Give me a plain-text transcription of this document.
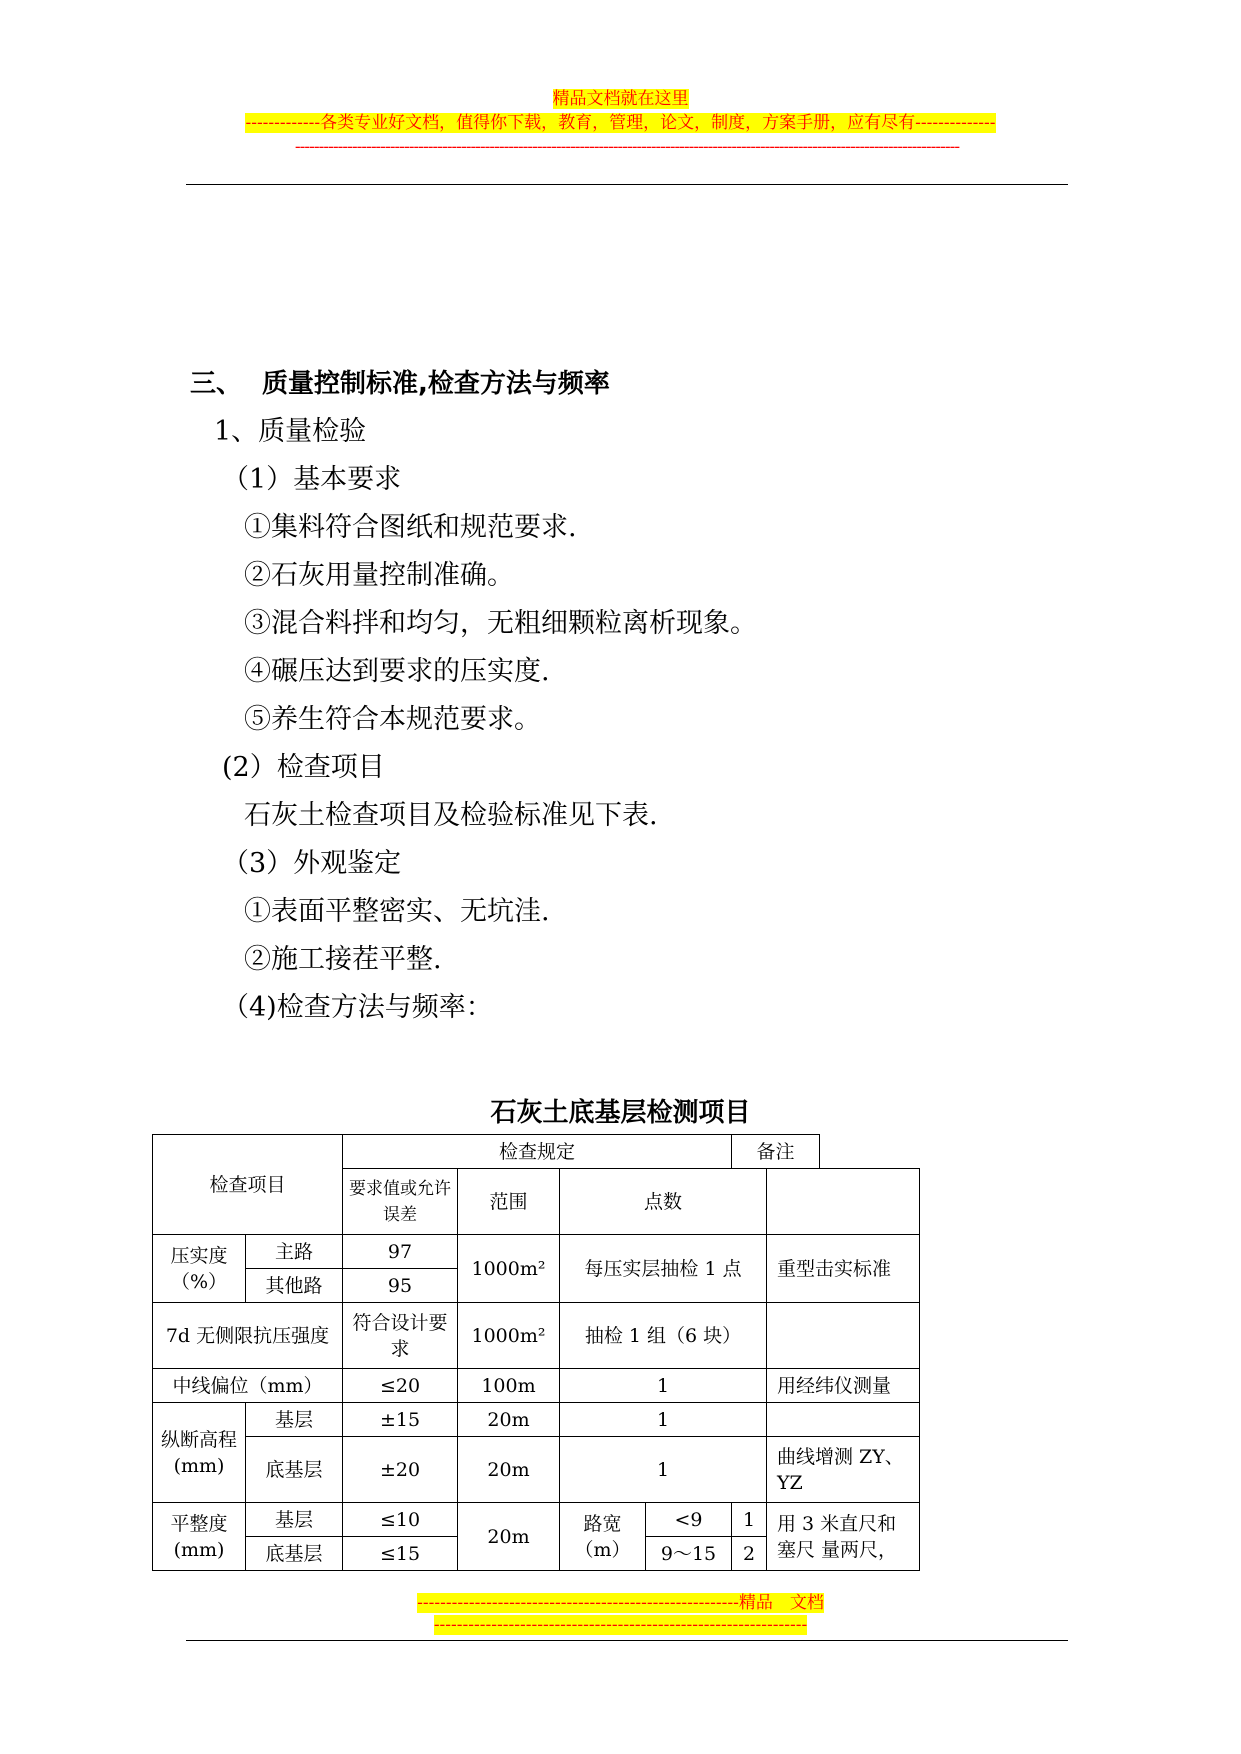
精品文档就在这里
-------------各类专业好文档，值得你下载，教育，管理，论文，制度，方案手册，应有尽有--------------
--------------------------------------------------------------------------------------------------------------------------------------------
三、 质量控制标准,检查方法与频率
1、质量检验
（1）基本要求
①集料符合图纸和规范要求.
②石灰用量控制准确。
③混合料拌和均匀，无粗细颗粒离析现象。
④碾压达到要求的压实度.
⑤养生符合本规范要求。
(2）检查项目
石灰土检查项目及检验标准见下表.
（3）外观鉴定
①表面平整密实、无坑洼.
②施工接茬平整.
（4)检查方法与频率：
石灰土底基层检测项目
检查项目		检查规定				备注		
		要求值或允许误差	范围	点数				
压实度（%）	主路	97	1000m²	每压实层抽检 1 点			重型击实标准	
	其他路	95						
7d 无侧限抗压强度		符合设计要求	1000m²	抽检 1 组（6 块）				
中线偏位（mm）		≤20	100m	1			用经纬仪测量	
纵断高程(mm)	基层	±15	20m	1				
	底基层	±20	20m	1			曲线增测 ZY、YZ	
平整度(mm)	基层	≤10	20m	路宽（m）	<9	1	用 3 米直尺和塞尺 量两尺，	
	底基层	≤15			9～15	2		
--------------------------------------------------------精品　文档
-----------------------------------------------------------------
